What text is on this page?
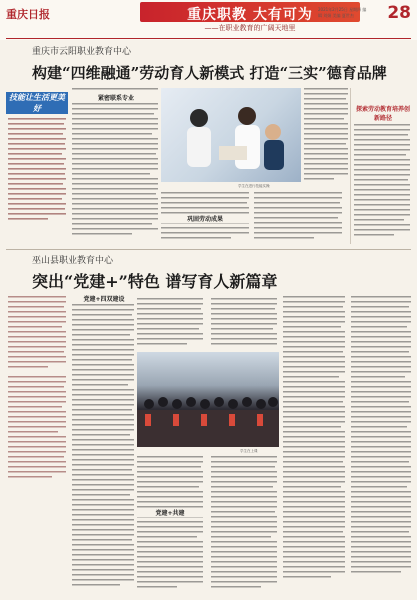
重庆日报	重庆职教 大有可为
——在职业教育的广阔天地里
2021年2月25日 星期四 编辑 刘娟 美编 夏世杰	28
重庆市云阳职业教育中心
构建“四维融通”劳动育人新模式 打造“三实”德育品牌
技能让生活更美好
紧密联系专业
学生在进行技能实操
巩固劳动成果
探索劳动教育培养创新路径
巫山县职业教育中心
突出“党建+”特色 谱写育人新篇章
党建+四双建设
学生在上课
党建+共建
